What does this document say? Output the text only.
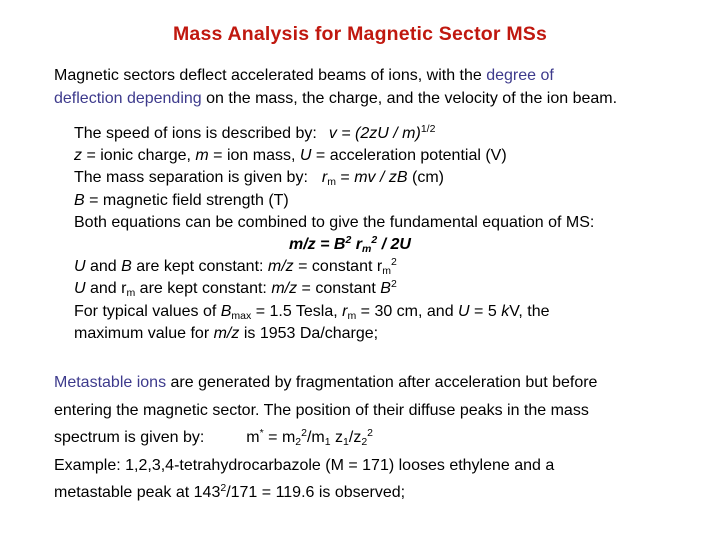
Mass Analysis for Magnetic Sector MSs

Magnetic sectors deflect accelerated beams of ions, with the degree of
deflection depending on the mass, the charge, and the velocity of the ion beam.

The speed of ions is described by: v = (2zU / m)$^{1/2}$
z = ionic charge, m = ion mass, U = acceleration potential (V)
The mass separation is given by: $r_m$ = mv / zB (cm)
B = magnetic field strength (T)
Both equations can be combined to give the fundamental equation of MS:
$m/z = B^2$ $r_m^2 / 2U$
U and B are kept constant: m/z = constant $r_m^2$
U and $r_m$ are kept constant: m/z = constant $B^2$
For typical values of $B_{max} = 1.5$ Tesla, $r_m = 30$ cm, and U = 5 kV, the
maximum value for m/z is 1953 Da/charge;
Metastable ions are generated by fragmentation after acceleration but before
entering the magnetic sector. The position of their diffuse peaks in the mass
spectrum is given by:	$m^* = m_2^2/m_1$ $z_1/z_2^2$
Example: 1,2,3,4-tetrahydrocarbazole (M = 171) looses ethylene and a
metastable peak at $143^2/171 = 119.6$ is observed;
